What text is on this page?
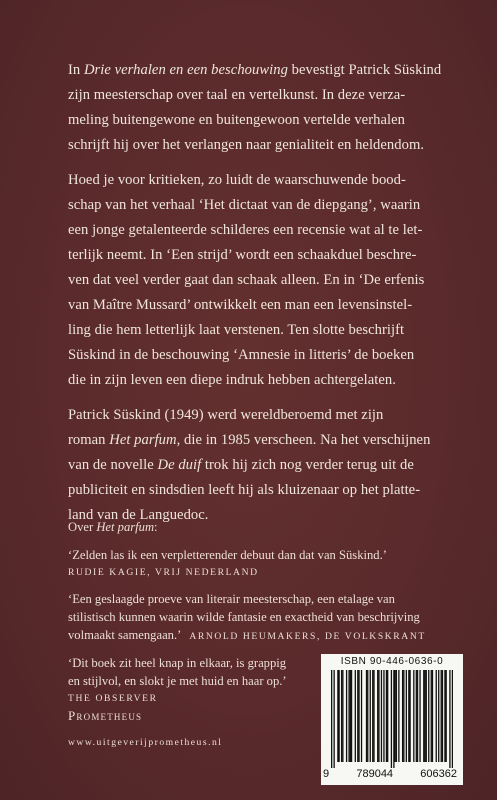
In Drie verhalen en een beschouwing bevestigt Patrick Süskind
zijn meesterschap over taal en vertelkunst. In deze verza-
meling buitengewone en buitengewoon vertelde verhalen
schrijft hij over het verlangen naar genialiteit en heldendom.

Hoed je voor kritieken, zo luidt de waarschuwende bood-
schap van het verhaal ‘Het dictaat van de diepgang’, waarin
een jonge getalenteerde schilderes een recensie wat al te let-
terlijk neemt. In ‘Een strijd’ wordt een schaakduel beschre-
ven dat veel verder gaat dan schaak alleen. En in ‘De erfenis
van Maître Mussard’ ontwikkelt een man een levensinstel-
ling die hem letterlijk laat verstenen. Ten slotte beschrijft
Süskind in de beschouwing ‘Amnesie in litteris’ de boeken
die in zijn leven een diepe indruk hebben achtergelaten.

Patrick Süskind (1949) werd wereldberoemd met zijn
roman Het parfum, die in 1985 verscheen. Na het verschijnen
van de novelle De duif trok hij zich nog verder terug uit de
publiciteit en sindsdien leeft hij als kluizenaar op het platte-
land van de Languedoc.

Over Het parfum:
‘Zelden las ik een verpletterender debuut dan dat van Süskind.’
RUDIE KAGIE, VRIJ NEDERLAND
‘Een geslaagde proeve van literair meesterschap, een etalage van
stilistisch kunnen waarin wilde fantasie en exactheid van beschrijving
volmaakt samengaan.’ ARNOLD HEUMAKERS, DE VOLKSKRANT
‘Dit boek zit heel knap in elkaar, is grappig
en stijlvol, en slokt je met huid en haar op.’
THE OBSERVER
Prometheus
www.uitgeverijprometheus.nl
ISBN 90-446-0636-0
9 789044 606362
